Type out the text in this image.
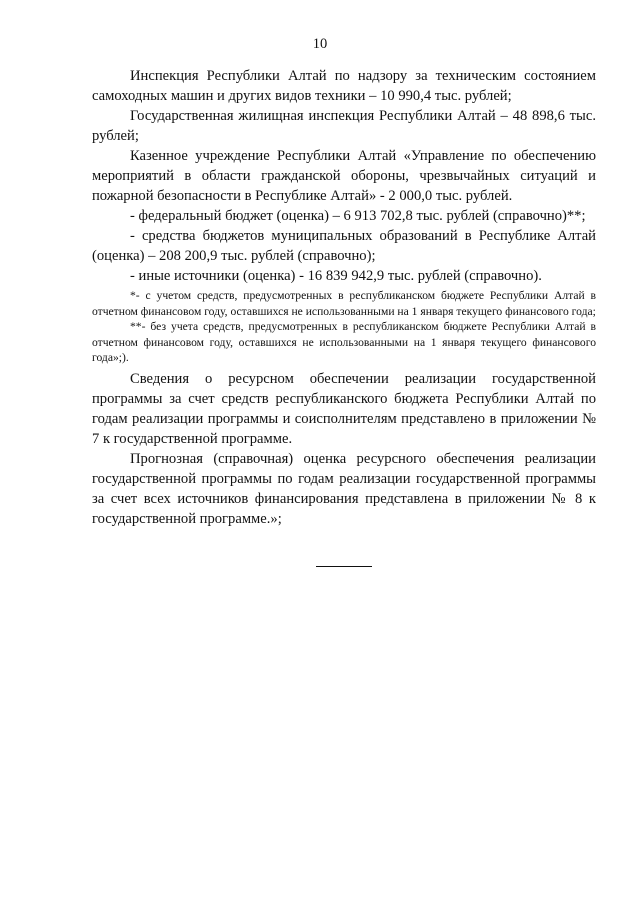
10

Инспекция Республики Алтай по надзору за техническим состоянием самоходных машин и других видов техники – 10 990,4 тыс. рублей;

Государственная жилищная инспекция Республики Алтай – 48 898,6 тыс. рублей;

Казенное учреждение Республики Алтай «Управление по обеспечению мероприятий в области гражданской обороны, чрезвычайных ситуаций и пожарной безопасности в Республике Алтай» - 2 000,0 тыс. рублей.

- федеральный бюджет (оценка) – 6 913 702,8 тыс. рублей (справочно)**;

- средства бюджетов муниципальных образований в Республике Алтай (оценка) – 208 200,9 тыс. рублей (справочно);

- иные источники (оценка) - 16 839 942,9 тыс. рублей (справочно).

*- с учетом средств, предусмотренных в республиканском бюджете Республики Алтай в отчетном финансовом году, оставшихся не использованными на 1 января текущего финансового года;

**- без учета средств, предусмотренных в республиканском бюджете Республики Алтай в отчетном финансовом году, оставшихся не использованными на 1 января текущего финансового года»;).

Сведения о ресурсном обеспечении реализации государственной программы за счет средств республиканского бюджета Республики Алтай по годам реализации программы и соисполнителям представлено в приложении № 7 к государственной программе.

Прогнозная (справочная) оценка ресурсного обеспечения реализации государственной программы по годам реализации государственной программы за счет всех источников финансирования представлена в приложении № 8 к государственной программе.»;
